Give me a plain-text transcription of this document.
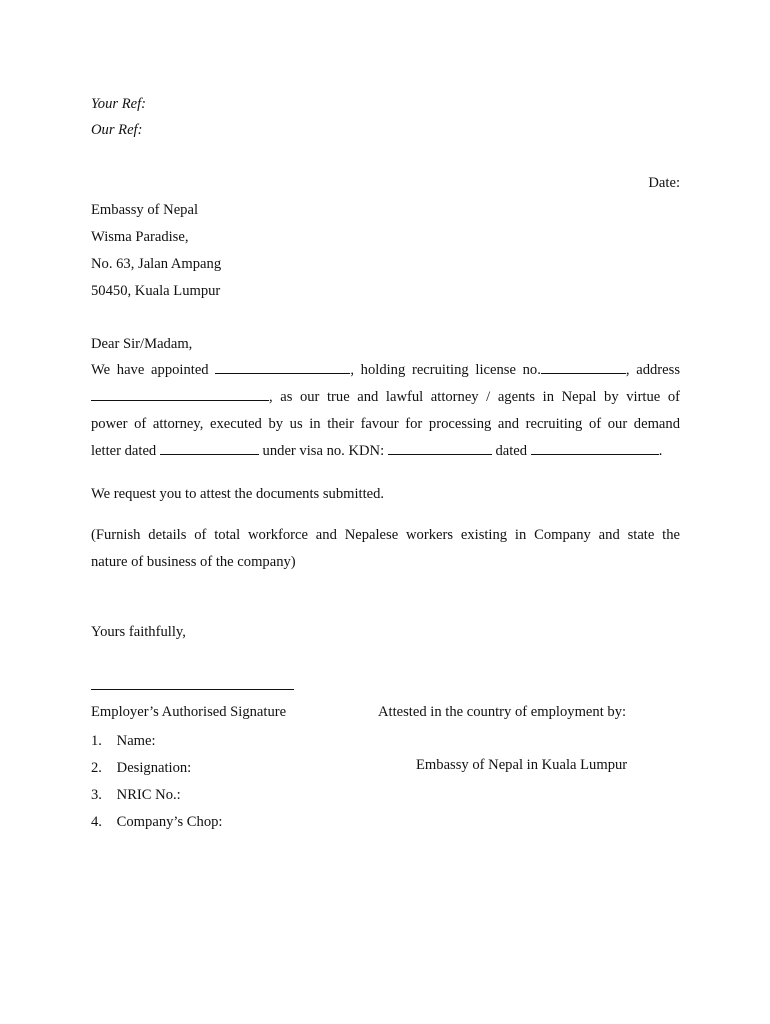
Your Ref:
Our Ref:
Date:
Embassy of Nepal
Wisma Paradise,
No. 63, Jalan Ampang
50450, Kuala Lumpur
Dear Sir/Madam,
We have appointed	, holding recruiting license no.	, address
, as our true and lawful attorney / agents in Nepal by virtue of
power of attorney, executed by us in their favour for processing and recruiting of our demand
letter dated	under visa no. KDN:	dated	.
We request you to attest the documents submitted.
(Furnish details of total workforce and Nepalese workers existing in Company and state the
nature of business of the company)
Yours faithfully,
Employer’s Authorised Signature	Attested in the country of employment by:
Embassy of Nepal in Kuala Lumpur
1. Name:
2. Designation:
3. NRIC No.:
4. Company’s Chop:
